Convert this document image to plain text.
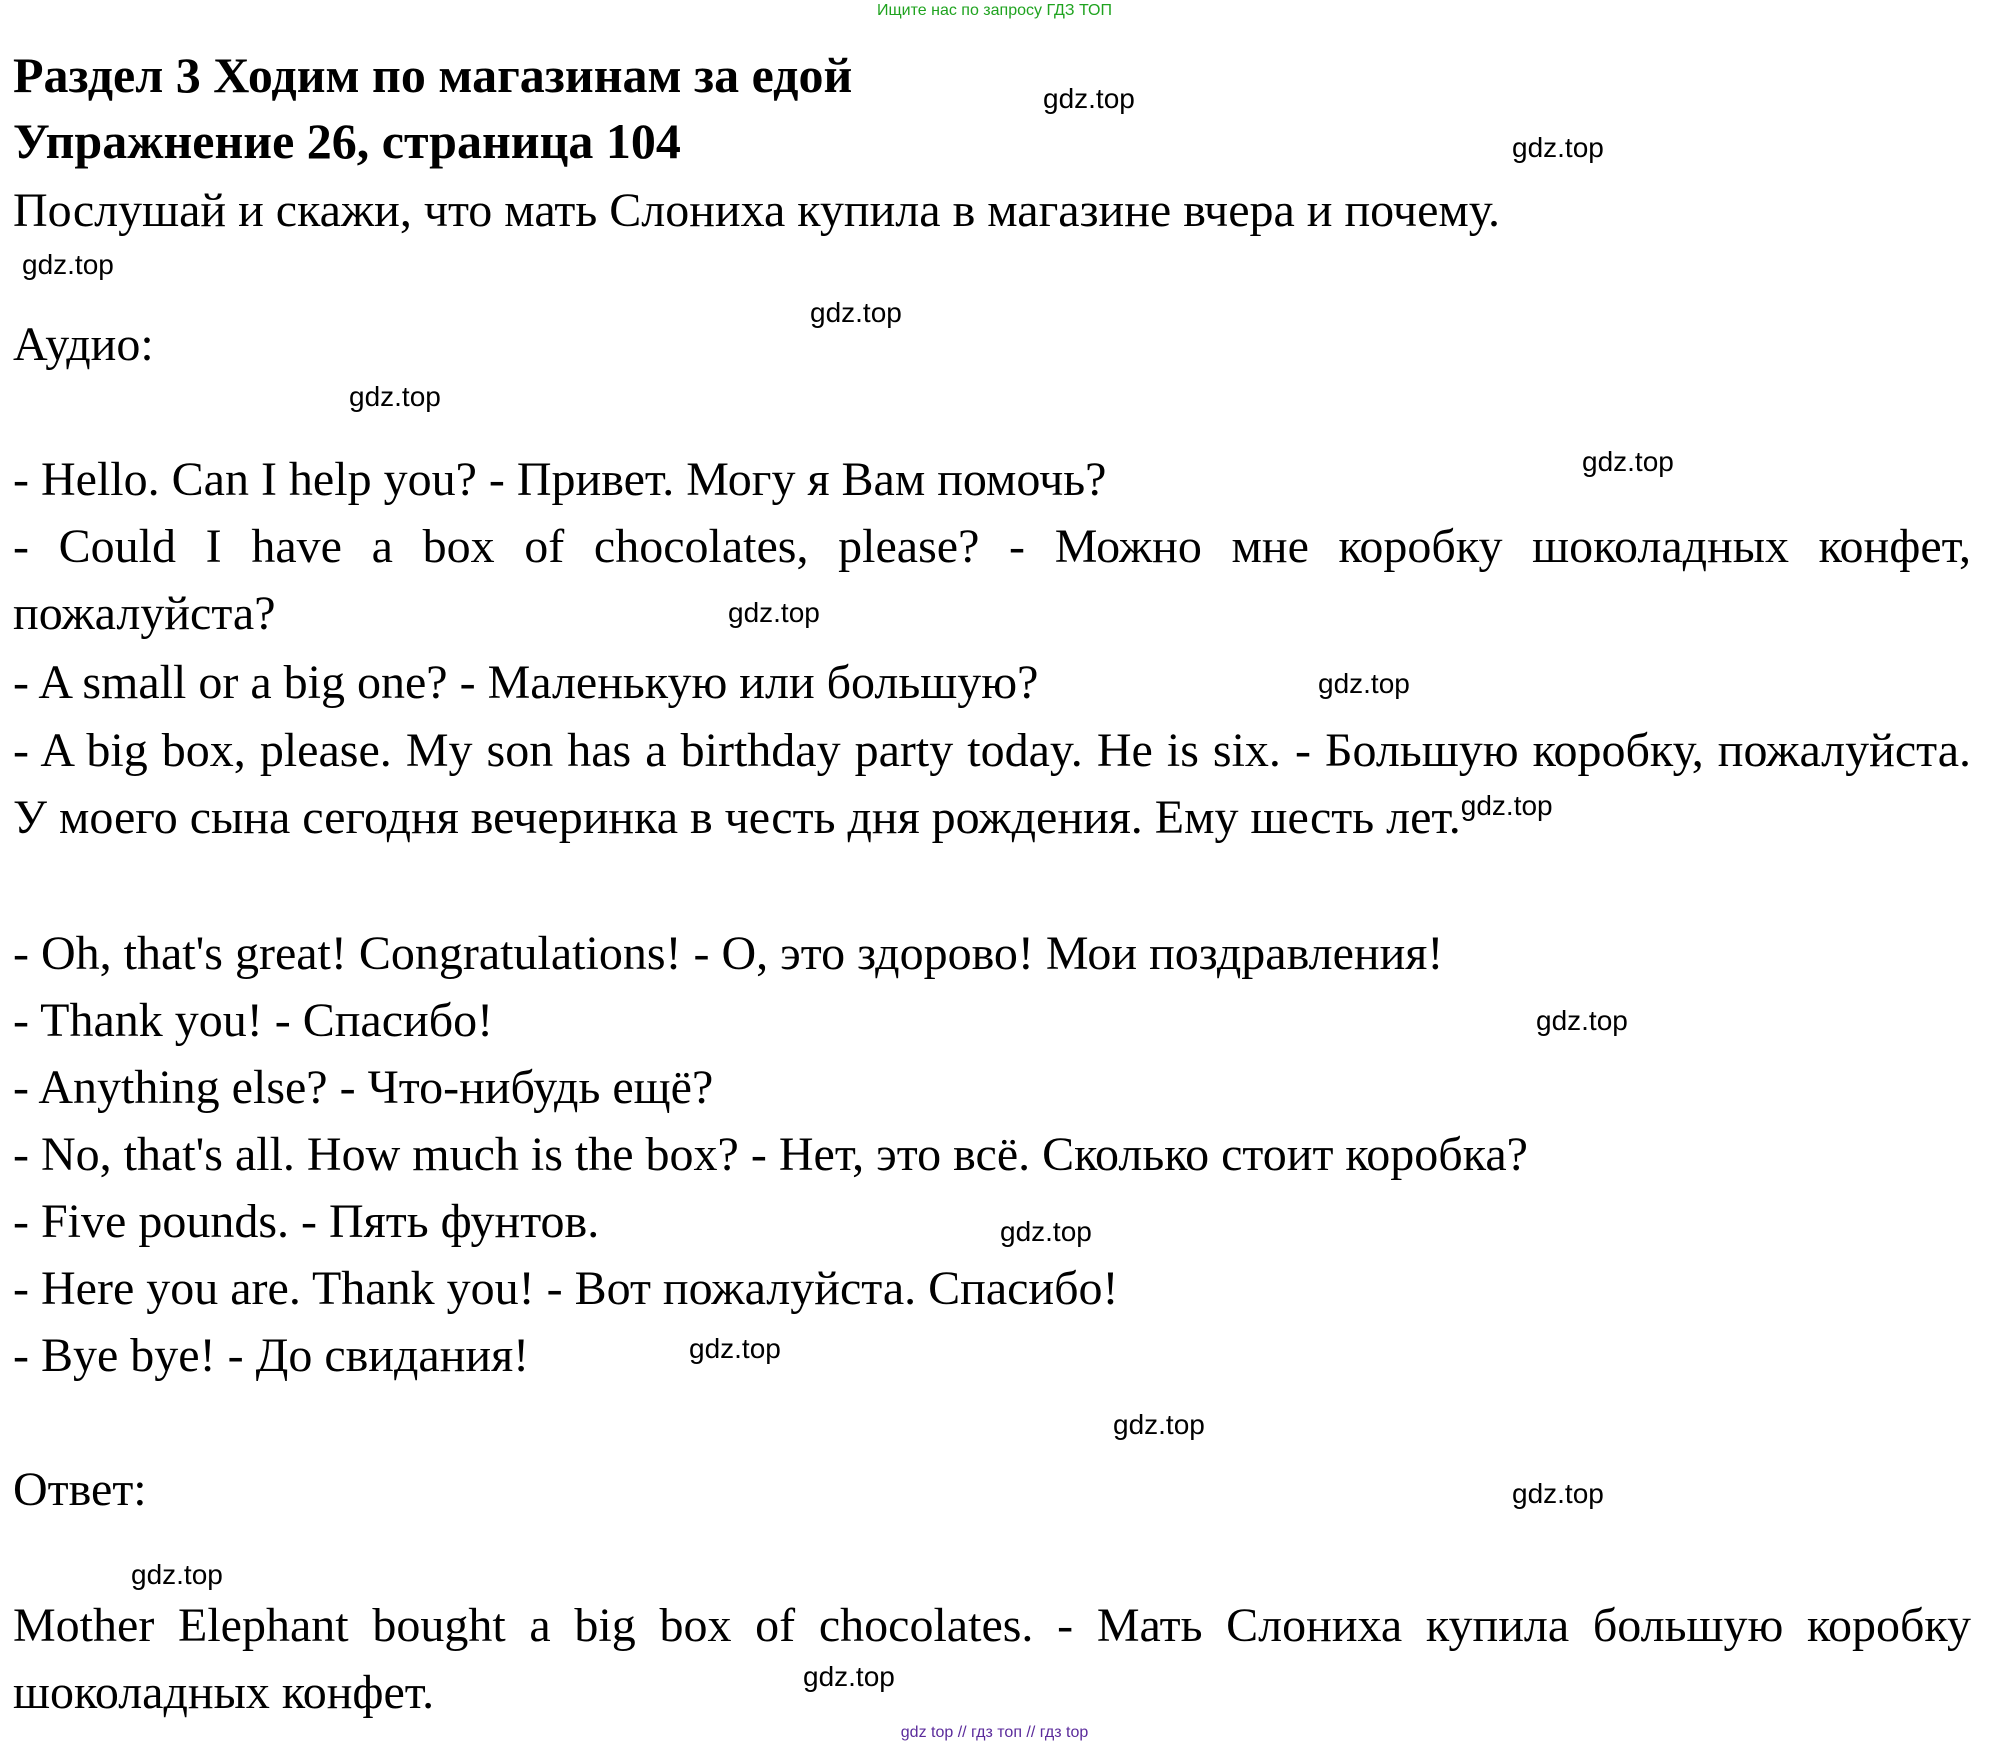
Ищите нас по запросу ГДЗ ТОП
Раздел 3 Ходим по магазинам за едой
Упражнение 26, страница 104
Послушай и скажи, что мать Слониха купила в магазине вчера и почему.
Аудио:
- Hello. Can I help you? - Привет. Могу я Вам помочь?
- Could I have a box of chocolates, please? - Можно мне коробку шоколадных конфет, пожалуйста?
- A small or a big one? - Маленькую или большую?
- A big box, please. My son has a birthday party today. He is six. - Большую коробку, пожалуйста. У моего сына сегодня вечеринка в честь дня рождения. Ему шесть лет.$^{gdz.top}$
- Oh, that's great! Congratulations! - О, это здорово! Мои поздравления!
- Thank you! - Спасибо!
- Anything else? - Что-нибудь ещё?
- No, that's all. How much is the box? - Нет, это всё. Сколько стоит коробка?
- Five pounds. - Пять фунтов.
- Here you are. Thank you! - Вот пожалуйста. Спасибо!
- Bye bye! - До свидания!
Ответ:
Mother Elephant bought a big box of chocolates. - Мать Слониха купила большую коробку шоколадных конфет.
gdz.top
gdz.top
gdz.top
gdz.top
gdz.top
gdz.top
gdz.top
gdz.top
gdz.top
gdz.top
gdz.top
gdz.top
gdz.top
gdz.top
gdz.top
gdz top // гдз топ // гдз top
